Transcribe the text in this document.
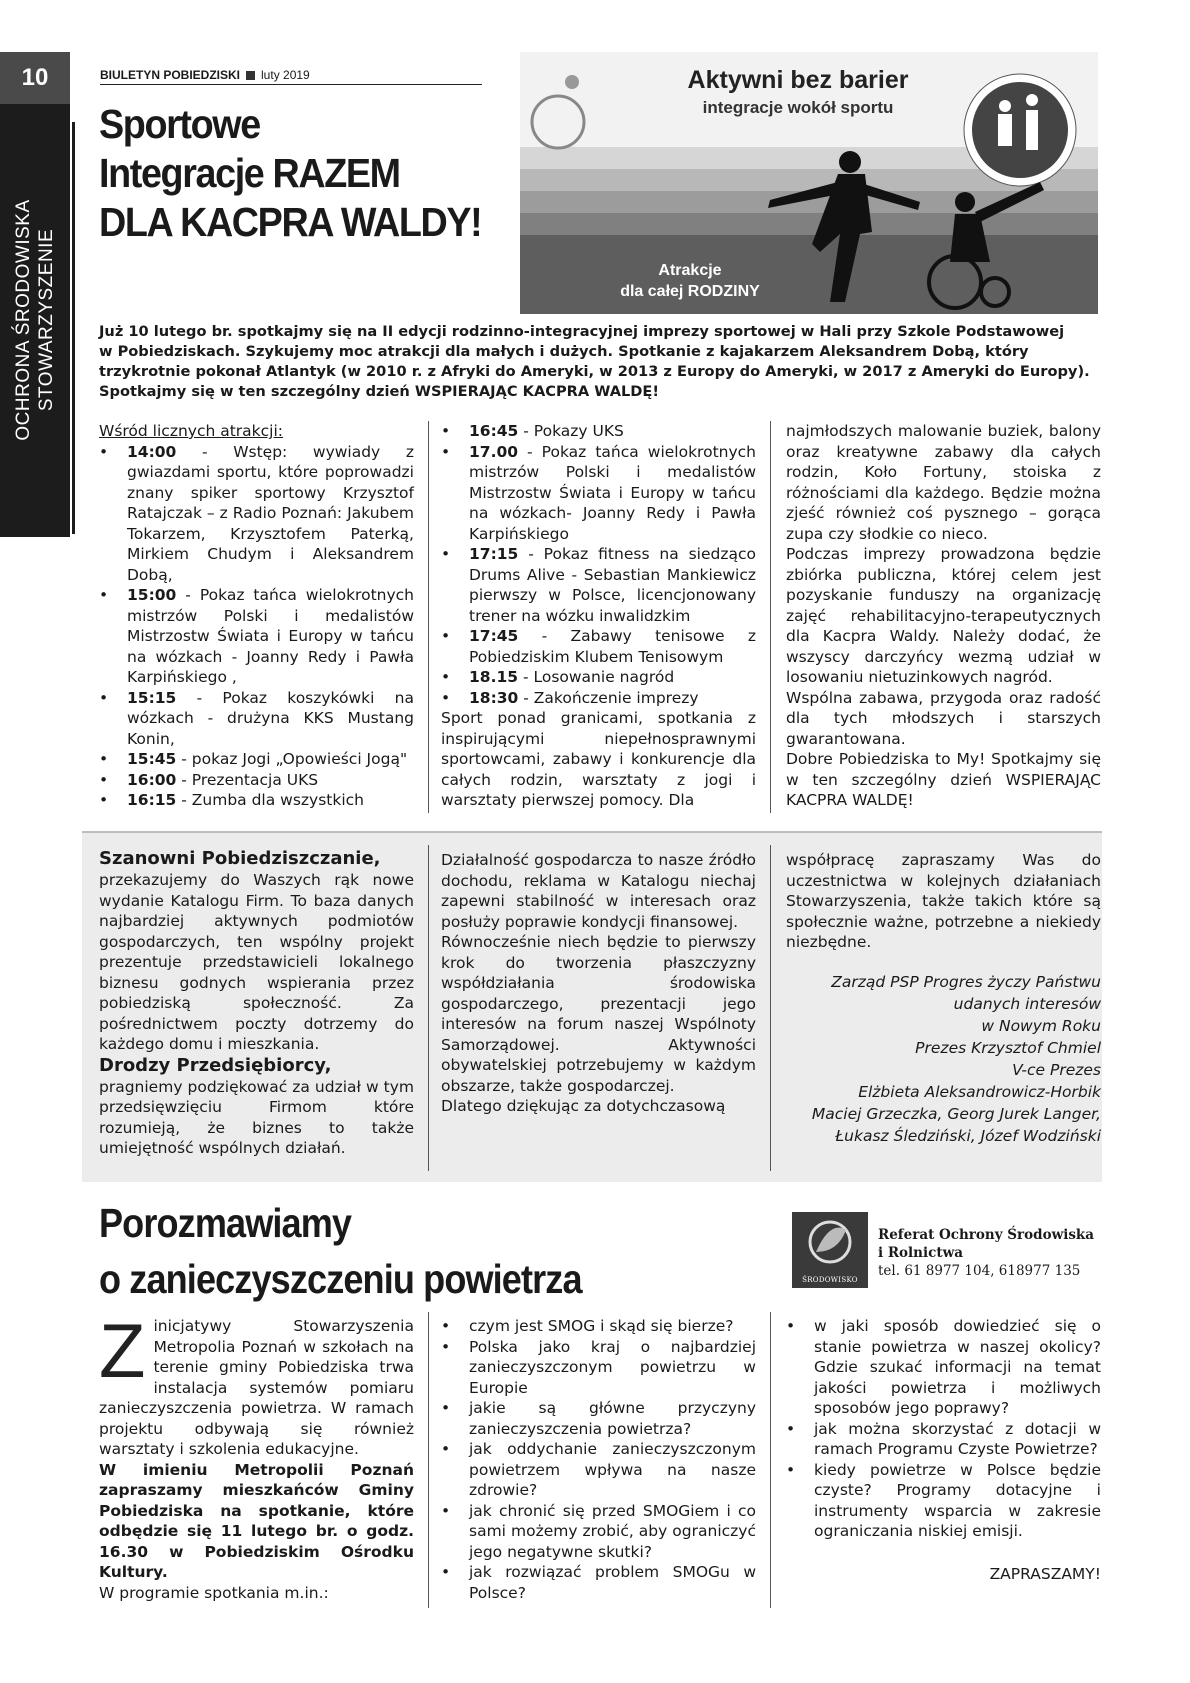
10
OCHRONA ŚRODOWISKA STOWARZYSZENIE
BIULETYN POBIEDZISKI luty 2019
Sportowe
Integracje RAZEM
DLA KACPRA WALDY!
Aktywni bez barier
integracje wokół sportu
Atrakcje
dla całej RODZINY
Już 10 lutego br. spotkajmy się na II edycji rodzinno-integracyjnej imprezy sportowej w Hali przy Szkole Podstawowej
w Pobiedziskach. Szykujemy moc atrakcji dla małych i dużych. Spotkanie z kajakarzem Aleksandrem Dobą, który
trzykrotnie pokonał Atlantyk (w 2010 r. z Afryki do Ameryki, w 2013 z Europy do Ameryki, w 2017 z Ameryki do Europy).
Spotkajmy się w ten szczególny dzień WSPIERAJĄC KACPRA WALDĘ!

Wśród licznych atrakcji:

• 14:00 - Wstęp: wywiady z gwiazdami sportu, które poprowadzi znany spiker sportowy Krzysztof Ratajczak – z Radio Poznań: Jakubem Tokarzem, Krzysztofem Paterką, Mirkiem Chudym i Aleksandrem Dobą,
• 15:00 - Pokaz tańca wielokrotnych mistrzów Polski i medalistów Mistrzostw Świata i Europy w tańcu na wózkach - Joanny Redy i Pawła Karpińskiego ,
• 15:15 - Pokaz koszykówki na wózkach - drużyna KKS Mustang Konin,
• 15:45 - pokaz Jogi „Opowieści Jogą"
• 16:00 - Prezentacja UKS
• 16:15 - Zumba dla wszystkich
• 16:45 - Pokazy UKS
• 17.00 - Pokaz tańca wielokrotnych mistrzów Polski i medalistów Mistrzostw Świata i Europy w tańcu na wózkach- Joanny Redy i Pawła Karpińskiego
• 17:15 - Pokaz fitness na siedząco Drums Alive - Sebastian Mankiewicz pierwszy w Polsce, licencjonowany trener na wózku inwalidzkim
• 17:45 - Zabawy tenisowe z Pobiedziskim Klubem Tenisowym
• 18.15 - Losowanie nagród
• 18:30 - Zakończenie imprezy

Sport ponad granicami, spotkania z inspirującymi niepełnosprawnymi sportowcami, zabawy i konkurencje dla całych rodzin, warsztaty z jogi i warsztaty pierwszej pomocy. Dla

najmłodszych malowanie buziek, balony oraz kreatywne zabawy dla całych rodzin, Koło Fortuny, stoiska z różnościami dla każdego. Będzie można zjeść również coś pysznego – gorąca zupa czy słodkie co nieco.

Podczas imprezy prowadzona będzie zbiórka publiczna, której celem jest pozyskanie funduszy na organizację zajęć rehabilitacyjno-terapeutycznych dla Kacpra Waldy. Należy dodać, że wszyscy darczyńcy wezmą udział w losowaniu nietuzinkowych nagród.

Wspólna zabawa, przygoda oraz radość dla tych młodszych i starszych gwarantowana.

Dobre Pobiedziska to My! Spotkajmy się w ten szczególny dzień WSPIERAJĄC KACPRA WALDĘ!

Szanowni Pobiedziszczanie,

przekazujemy do Waszych rąk nowe wydanie Katalogu Firm. To baza danych najbardziej aktywnych podmiotów gospodarczych, ten wspólny projekt prezentuje przedstawicieli lokalnego biznesu godnych wspierania przez pobiedziską społeczność. Za pośrednictwem poczty dotrzemy do każdego domu i mieszkania.

Drodzy Przedsiębiorcy,

pragniemy podziękować za udział w tym przedsięwzięciu Firmom które rozumieją, że biznes to także umiejętność wspólnych działań.

Działalność gospodarcza to nasze źródło dochodu, reklama w Katalogu niechaj zapewni stabilność w interesach oraz posłuży poprawie kondycji finansowej.

Równocześnie niech będzie to pierwszy krok do tworzenia płaszczyzny współdziałania środowiska gospodarczego, prezentacji jego interesów na forum naszej Wspólnoty Samorządowej. Aktywności obywatelskiej potrzebujemy w każdym obszarze, także gospodarczej.

Dlatego dziękując za dotychczasową

współpracę zapraszamy Was do uczestnictwa w kolejnych działaniach Stowarzyszenia, także takich które są społecznie ważne, potrzebne a niekiedy niezbędne.

Zarząd PSP Progres życzy Państwu
udanych interesów
w Nowym Roku
Prezes Krzysztof Chmiel
V-ce Prezes
Elżbieta Aleksandrowicz-Horbik
Maciej Grzeczka, Georg Jurek Langer,
Łukasz Śledziński, Józef Wodziński
Porozmawiamy
o zanieczyszczeniu powietrza	ŚRODOWISKO
Referat Ochrony Środowiska
i Rolnictwa
tel. 61 8977 104, 618977 135
Z inicjatywy Stowarzyszenia Metropolia Poznań w szkołach na terenie gminy Pobiedziska trwa instalacja systemów pomiaru zanieczyszczenia powietrza. W ramach projektu odbywają się również warsztaty i szkolenia edukacyjne.

W imieniu Metropolii Poznań zapraszamy mieszkańców Gminy Pobiedziska na spotkanie, które odbędzie się 11 lutego br. o godz. 16.30 w Pobiedziskim Ośrodku Kultury.

W programie spotkania m.in.:

• czym jest SMOG i skąd się bierze?
• Polska jako kraj o najbardziej zanieczyszczonym powietrzu w Europie
• jakie są główne przyczyny zanieczyszczenia powietrza?
• jak oddychanie zanieczyszczonym powietrzem wpływa na nasze zdrowie?
• jak chronić się przed SMOGiem i co sami możemy zrobić, aby ograniczyć jego negatywne skutki?
• jak rozwiązać problem SMOGu w Polsce?
• w jaki sposób dowiedzieć się o stanie powietrza w naszej okolicy? Gdzie szukać informacji na temat jakości powietrza i możliwych sposobów jego poprawy?
• jak można skorzystać z dotacji w ramach Programu Czyste Powietrze?
• kiedy powietrze w Polsce będzie czyste? Programy dotacyjne i instrumenty wsparcia w zakresie ograniczania niskiej emisji.

ZAPRASZAMY!
